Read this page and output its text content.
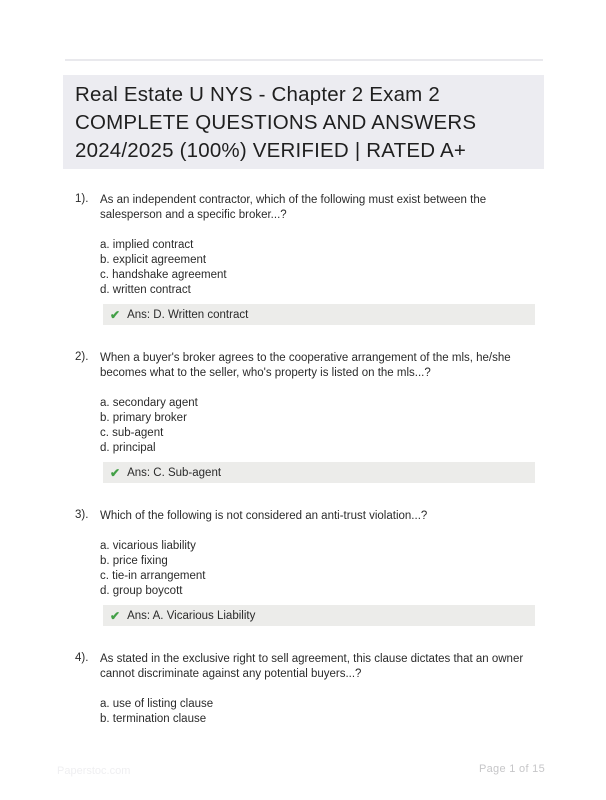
Real Estate U NYS - Chapter 2 Exam 2
COMPLETE QUESTIONS AND ANSWERS
2024/2025 (100%) VERIFIED | RATED A+
1). As an independent contractor, which of the following must exist between the salesperson and a specific broker...?
a. implied contract
b. explicit agreement
c. handshake agreement
d. written contract
✔ Ans: D. Written contract
2). When a buyer's broker agrees to the cooperative arrangement of the mls, he/she becomes what to the seller, who's property is listed on the mls...?
a. secondary agent
b. primary broker
c. sub-agent
d. principal
✔ Ans: C. Sub-agent
3). Which of the following is not considered an anti-trust violation...?
a. vicarious liability
b. price fixing
c. tie-in arrangement
d. group boycott
✔ Ans: A. Vicarious Liability
4). As stated in the exclusive right to sell agreement, this clause dictates that an owner cannot discriminate against any potential buyers...?
a. use of listing clause
b. termination clause
Paperstoc.com	Page 1 of 15
